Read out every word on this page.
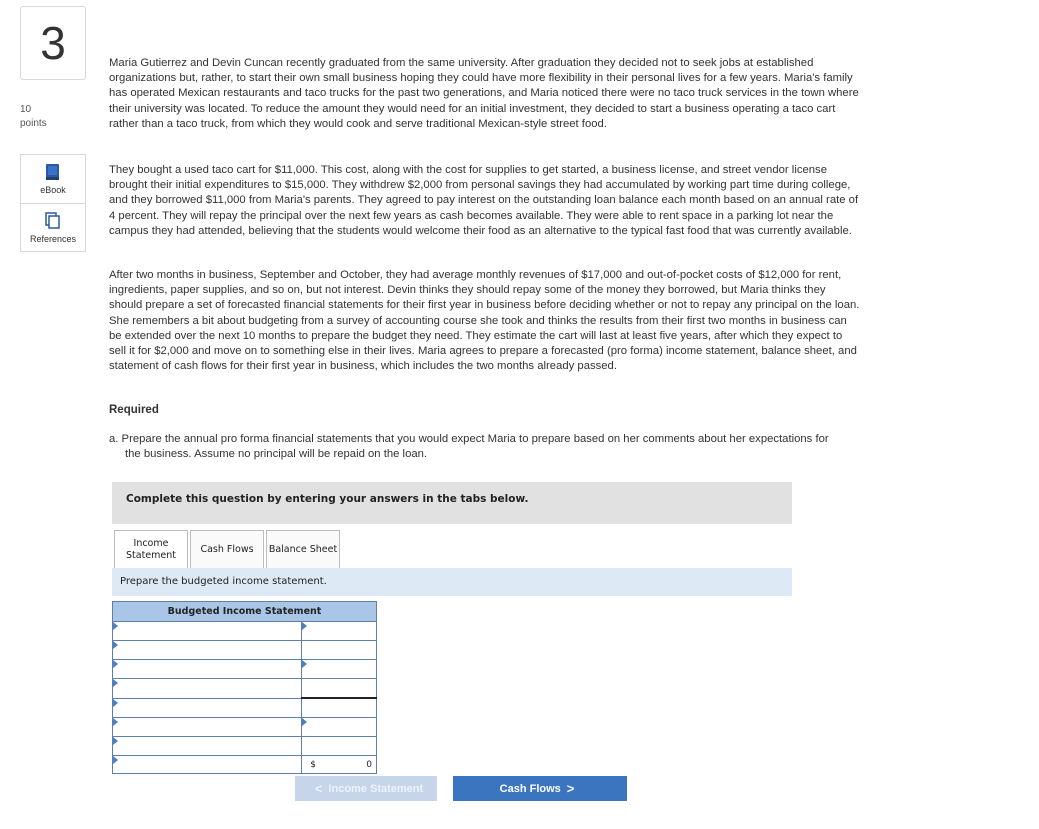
3
10
points
eBook
References

Maria Gutierrez and Devin Cuncan recently graduated from the same university. After graduation they decided not to seek jobs at established organizations but, rather, to start their own small business hoping they could have more flexibility in their personal lives for a few years. Maria's family has operated Mexican restaurants and taco trucks for the past two generations, and Maria noticed there were no taco truck services in the town where their university was located. To reduce the amount they would need for an initial investment, they decided to start a business operating a taco cart rather than a taco truck, from which they would cook and serve traditional Mexican-style street food.

They bought a used taco cart for $11,000. This cost, along with the cost for supplies to get started, a business license, and street vendor license brought their initial expenditures to $15,000. They withdrew $2,000 from personal savings they had accumulated by working part time during college, and they borrowed $11,000 from Maria's parents. They agreed to pay interest on the outstanding loan balance each month based on an annual rate of 4 percent. They will repay the principal over the next few years as cash becomes available. They were able to rent space in a parking lot near the campus they had attended, believing that the students would welcome their food as an alternative to the typical fast food that was currently available.

After two months in business, September and October, they had average monthly revenues of $17,000 and out-of-pocket costs of $12,000 for rent, ingredients, paper supplies, and so on, but not interest. Devin thinks they should repay some of the money they borrowed, but Maria thinks they should prepare a set of forecasted financial statements for their first year in business before deciding whether or not to repay any principal on the loan. She remembers a bit about budgeting from a survey of accounting course she took and thinks the results from their first two months in business can be extended over the next 10 months to prepare the budget they need. They estimate the cart will last at least five years, after which they expect to sell it for $2,000 and move on to something else in their lives. Maria agrees to prepare a forecasted (pro forma) income statement, balance sheet, and statement of cash flows for their first year in business, which includes the two months already passed.

Required

a. Prepare the annual pro forma financial statements that you would expect Maria to prepare based on her comments about her expectations for the business. Assume no principal will be repaid on the loan.

Complete this question by entering your answers in the tabs below.
Income Statement
Cash Flows	Balance Sheet
Prepare the budgeted income statement.
Budgeted Income Statement	

	$ 0
< Income Statement	Cash Flows >
